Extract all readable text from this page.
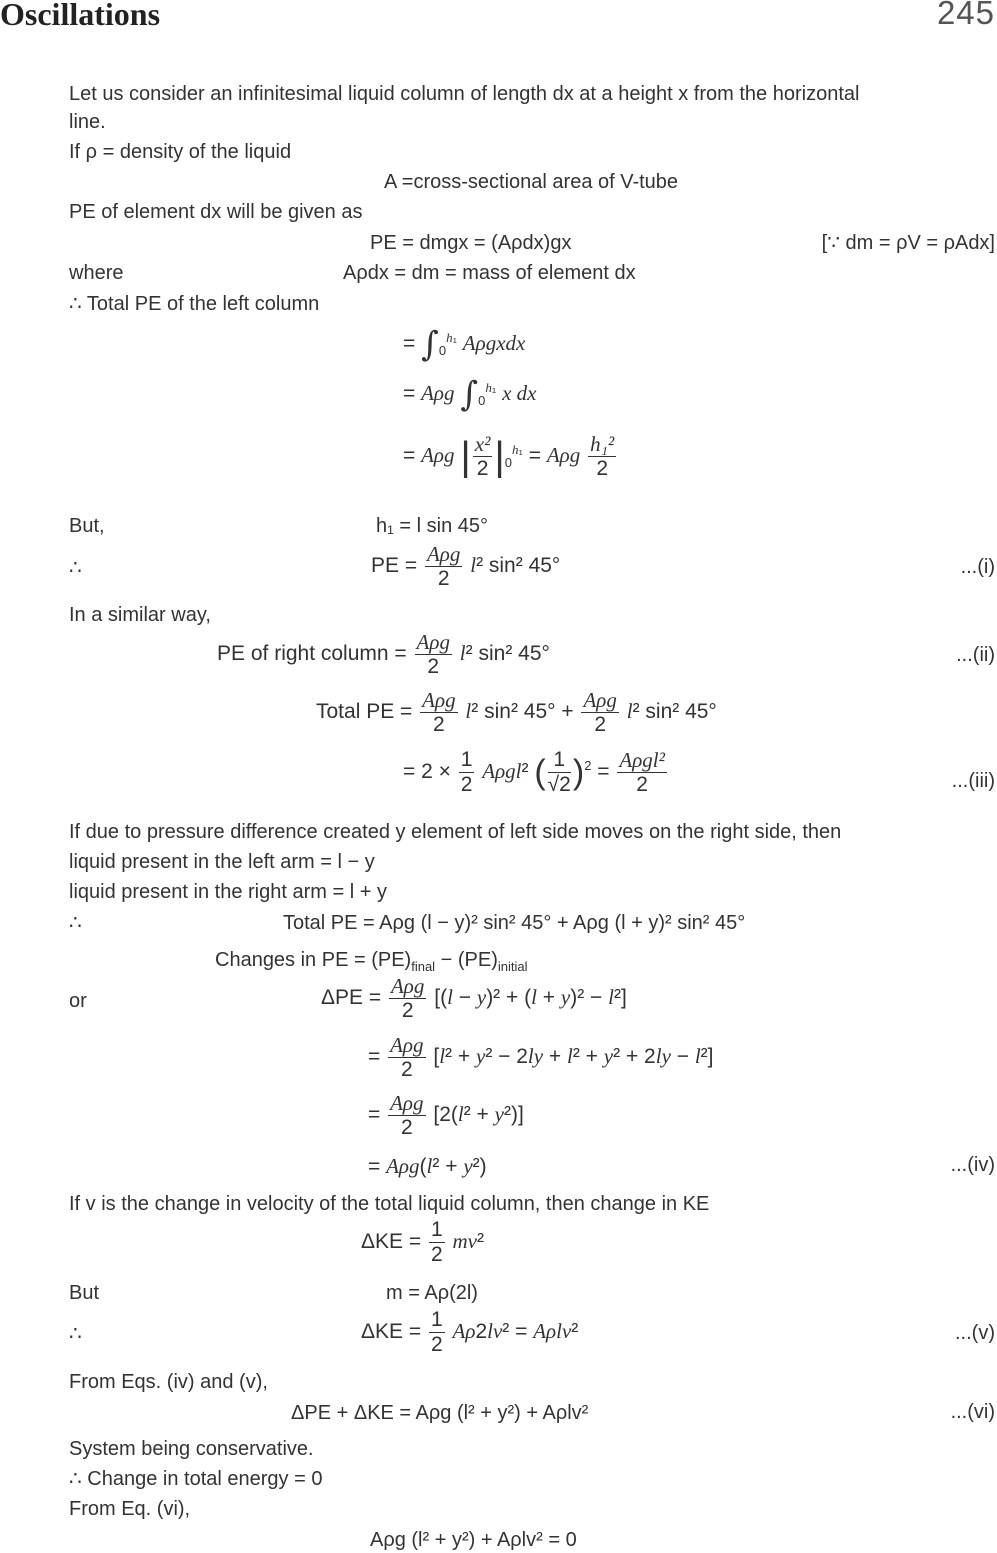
Oscillations	245
Let us consider an infinitesimal liquid column of length dx at a height x from the horizontal
line.
If ρ = density of the liquid
A =cross-sectional area of V-tube
PE of element dx will be given as
PE = dmgx = (Aρdx)gx	[∵ dm = ρV = ρAdx]
where	Aρdx = dm = mass of element dx
∴ Total PE of the left column
= $\int_0^{h_1}$ Aρgxdx
= Aρg $\int_0^{h_1}$ x dx
= Aρg | $\frac{\text{x²}}{2} |_0^{h_1} = A\rho g \frac{\text{h₁²}}{2}$
But,	h₁ = l sin 45°
∴	PE = $\frac{\text{Aρg}}{2} l^2$ sin² 45°	...(i)
In a similar way,
PE of right column = $\frac{\text{Aρg}}{2} l^2$ sin² 45°	...(ii)
Total PE = $\frac{\text{Aρg}}{2} l^2$ sin² $45^\circ + \frac{\text{Aρg}}{2} l^2$ sin² 45°
= $2 \times \frac{1}{2} A\rho gl^2$ ( $\frac{1}{√2} )^2 = \frac{\text{Aρgl²}}{2}$	...(iii)
If due to pressure difference created y element of left side moves on the right side, then
liquid present in the left arm = l − y
liquid present in the right arm = l + y
∴	Total PE = Aρg (l − y)² sin² 45° + Aρg (l + y)² sin² 45°
Changes in PE = $(PE)_{final} - (PE)_{initial}$
or	$\Delta PE = \frac{\text{Aρg}}{2} [(l - y)^2 + (l + y)^2 - l^2]$
= $\frac{\text{Aρg}}{2} [l^2 + y^2 - 2ly + l^2 + y^2 + 2ly - l^2]$
= $\frac{\text{Aρg}}{2} [2(l^2 + y^2)]$
= Aρg(l² + y²)	...(iv)
If v is the change in velocity of the total liquid column, then change in KE
$\Delta KE = \frac{1}{2} mv^2$
But	m = Aρ(2l)
∴	$\Delta KE = \frac{1}{2} A\rho 2lv^2 = A\rho lv^2$	...(v)
From Eqs. (iv) and (v),
ΔPE + ΔKE = Aρg (l² + y²) + Aρlv²	...(vi)
System being conservative.
∴ Change in total energy = 0
From Eq. (vi),
Aρg (l² + y²) + Aρlv² = 0
